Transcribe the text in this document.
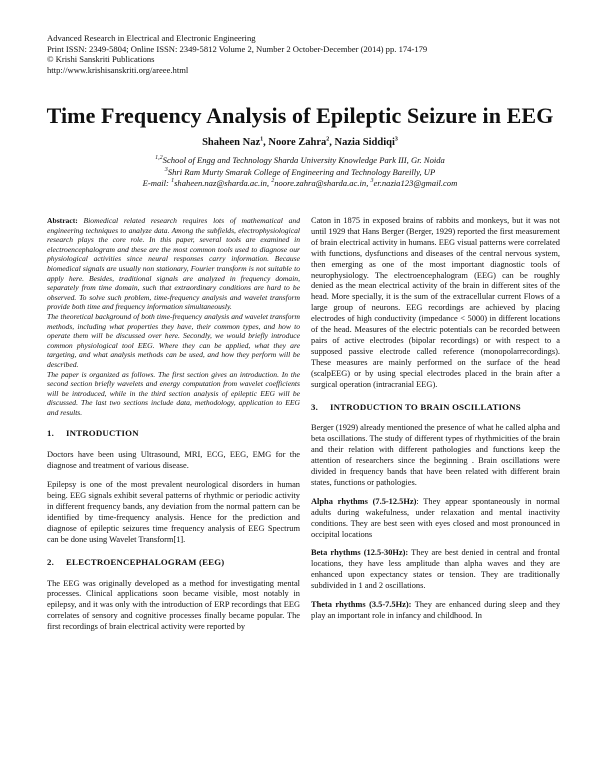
Advanced Research in Electrical and Electronic Engineering
Print ISSN: 2349-5804; Online ISSN: 2349-5812 Volume 2, Number 2 October-December (2014) pp. 174-179
© Krishi Sanskriti Publications
http://www.krishisanskriti.org/areee.html
Time Frequency Analysis of Epileptic Seizure in EEG
Shaheen Naz$^1$, Noore Zahra$^2$, Nazia Siddiqi$^3$
$^{1,2}$School of Engg and Technology Sharda University Knowledge Park III, Gr. Noida
$^3$Shri Ram Murty Smarak College of Engineering and Technology Bareilly, UP
E-mail: $^1$shaheen.naz@sharda.ac.in, $^2$noore.zahra@sharda.ac.in, $^3$er.nazia123@gmail.com

Abstract: Biomedical related research requires lots of mathematical and engineering techniques to analyze data. Among the subfields, electrophysiological research plays the core role. In this paper, several tools are examined in electroencephalogram and these are the most common tools used to diagnose our physiological activities since neural responses carry information. Because biomedical signals are usually non stationary, Fourier transform is not suitable to apply here. Besides, traditional signals are analyzed in frequency domain, separately from time domain, such that extraordinary conditions are hard to be observed. To solve such problem, time-frequency analysis and wavelet transform provide both time and frequency information simultaneously.

The theoretical background of both time-frequency analysis and wavelet transform methods, including what properties they have, their common types, and how to operate them will be discussed over here. Secondly, we would briefly introduce common physiological tool EEG. Where they can be applied, what they are targeting, and what analysis methods can be used, and how they perform will be described.

The paper is organized as follows. The first section gives an introduction. In the second section briefly wavelets and energy computation from wavelet coefficients will be introduced, while in the third section analysis of epileptic EEG will be discussed. The last two sections include data, methodology, application to EEG and results.

1.     INTRODUCTION

Doctors have been using Ultrasound, MRI, ECG, EEG, EMG for the diagnose and treatment of various disease.

Epilepsy is one of the most prevalent neurological disorders in human being. EEG signals exhibit several patterns of rhythmic or periodic activity in different frequency bands, any deviation from the normal pattern can be identified by time-frequency analysis. Hence for the prediction and diagnose of epileptic seizures time frequency analysis of EEG Spectrum can be done using Wavelet Transform[1].

2.     ELECTROENCEPHALOGRAM (EEG)

The EEG was originally developed as a method for investigating mental processes. Clinical applications soon became visible, most notably in epilepsy, and it was only with the introduction of ERP recordings that EEG correlates of sensory and cognitive processes finally became popular. The first recordings of brain electrical activity were reported by

Caton in 1875 in exposed brains of rabbits and monkeys, but it was not until 1929 that Hans Berger (Berger, 1929) reported the first measurement of brain electrical activity in humans. EEG visual patterns were correlated with functions, dysfunctions and diseases of the central nervous system, then emerging as one of the most important diagnostic tools of neurophysiology. The electroencephalogram (EEG) can be roughly denied as the mean electrical activity of the brain in different sites of the head. More specially, it is the sum of the extracellular current Flows of a large group of neurons. EEG recordings are achieved by placing electrodes of high conductivity (impedance < 5000) in different locations of the head. Measures of the electric potentials can be recorded between pairs of active electrodes (bipolar recordings) or with respect to a supposed passive electrode called reference (monopolarrecordings). These measures are mainly performed on the surface of the head (scalpEEG) or by using special electrodes placed in the brain after a surgical operation (intracranial EEG).

3.     INTRODUCTION TO BRAIN OSCILLATIONS

Berger (1929) already mentioned the presence of what he called alpha and beta oscillations. The study of different types of rhythmicities of the brain and their relation with different pathologies and functions keep the attention of researchers since the beginning . Brain oscillations were divided in frequency bands that have been related with different brain states, functions or pathologies.

Alpha rhythms (7.5-12.5Hz): They appear spontaneously in normal adults during wakefulness, under relaxation and mental inactivity conditions. They are best seen with eyes closed and most pronounced in occipital locations

Beta rhythms (12.5-30Hz): They are best denied in central and frontal locations, they have less amplitude than alpha waves and they are enhanced upon expectancy states or tension. They are traditionally subdivided in 1 and 2 oscillations.

Theta rhythms (3.5-7.5Hz): They are enhanced during sleep and they play an important role in infancy and childhood. In
